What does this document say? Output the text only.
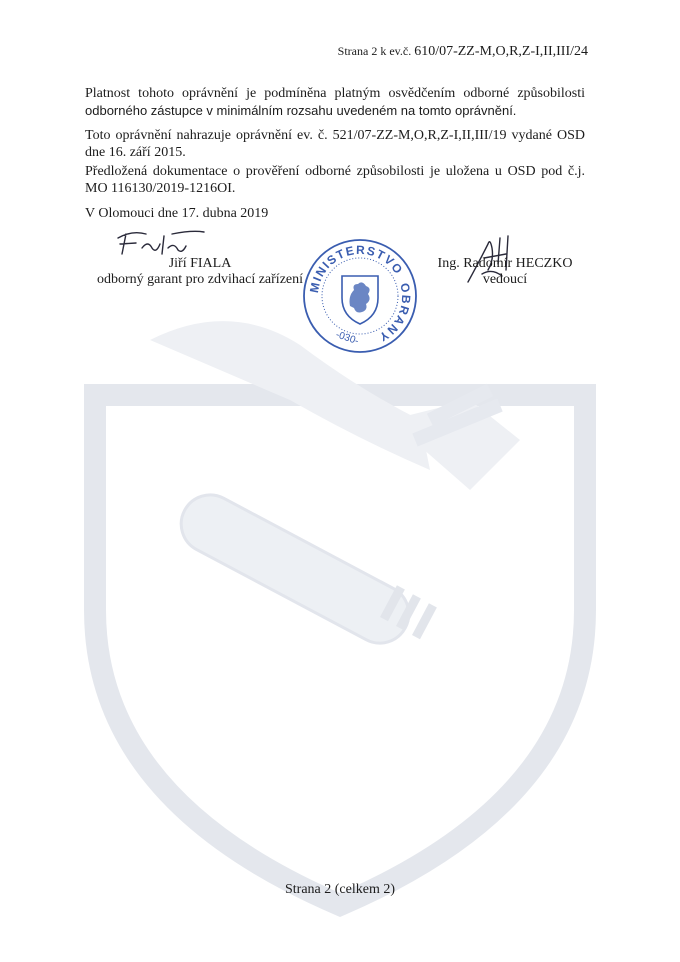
Strana 2 k ev.č. 610/07-ZZ-M,O,R,Z-I,II,III/24
Platnost tohoto oprávnění je podmíněna platným osvědčením odborné způsobilosti odborného zástupce v minimálním rozsahu uvedeném na tomto oprávnění.
Toto oprávnění nahrazuje oprávnění ev. č. 521/07-ZZ-M,O,R,Z-I,II,III/19 vydané OSD dne 16. září 2015.
Předložená dokumentace o prověření odborné způsobilosti je uložena u OSD pod č.j. MO 116130/2019-1216OI.
V Olomouci dne 17. dubna 2019
Jiří FIALA
odborný garant pro zdvihací zařízení MINISTERSTVO
OBRANY
-030-
Ing. Radomír HECZKO
vedoucí
Strana 2 (celkem 2)
